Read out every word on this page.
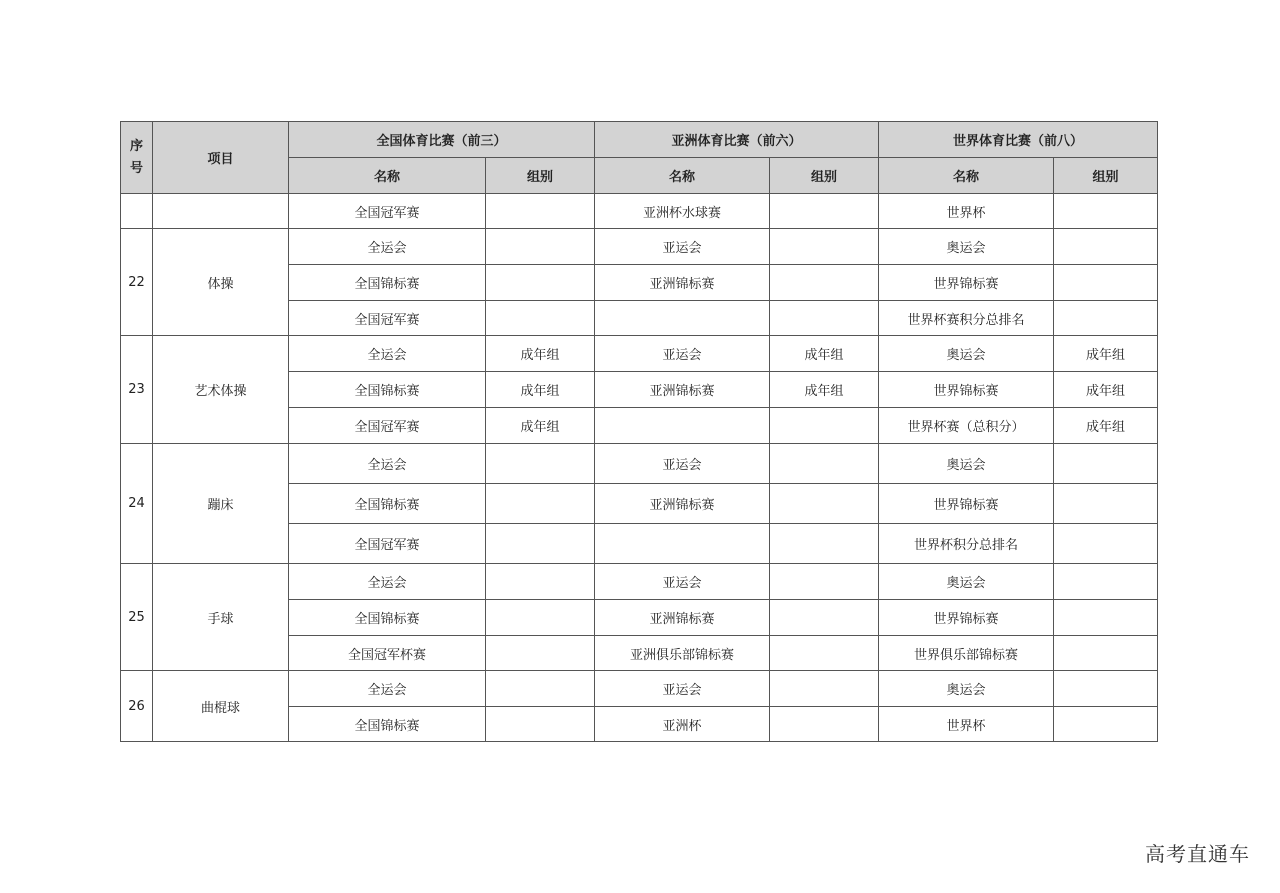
序
号	项目	全国体育比赛（前三）		亚洲体育比赛（前六）		世界体育比赛（前八）	
		名称	组别	名称	组别	名称	组别
		全国冠军赛		亚洲杯水球赛		世界杯	
22	体操	全运会		亚运会		奥运会	
		全国锦标赛		亚洲锦标赛		世界锦标赛	
		全国冠军赛				世界杯赛积分总排名	
23	艺术体操	全运会	成年组	亚运会	成年组	奥运会	成年组
		全国锦标赛	成年组	亚洲锦标赛	成年组	世界锦标赛	成年组
		全国冠军赛	成年组			世界杯赛（总积分）	成年组
24	蹦床	全运会		亚运会		奥运会	
		全国锦标赛		亚洲锦标赛		世界锦标赛	
		全国冠军赛				世界杯积分总排名	
25	手球	全运会		亚运会		奥运会	
		全国锦标赛		亚洲锦标赛		世界锦标赛	
		全国冠军杯赛		亚洲俱乐部锦标赛		世界俱乐部锦标赛	
26	曲棍球	全运会		亚运会		奥运会	
		全国锦标赛		亚洲杯		世界杯	
高考直通车
